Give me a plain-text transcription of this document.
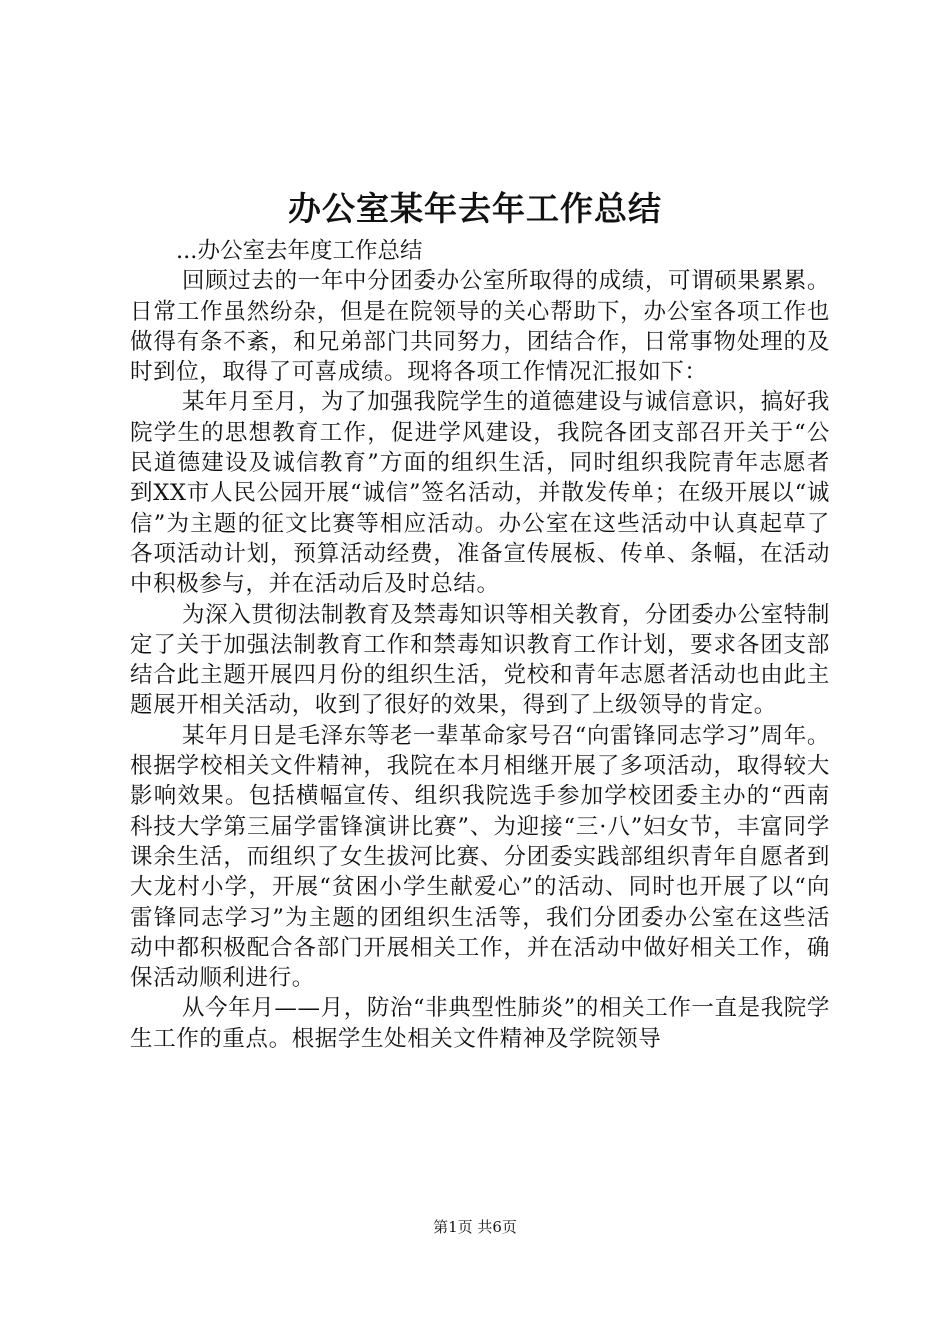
办公室某年去年工作总结

...办公室去年度工作总结

回顾过去的一年中分团委办公室所取得的成绩，可谓硕果累累。日常工作虽然纷杂，但是在院领导的关心帮助下，办公室各项工作也做得有条不紊，和兄弟部门共同努力，团结合作，日常事物处理的及时到位，取得了可喜成绩。现将各项工作情况汇报如下：

某年月至月，为了加强我院学生的道德建设与诚信意识，搞好我院学生的思想教育工作，促进学风建设，我院各团支部召开关于“公民道德建设及诚信教育”方面的组织生活，同时组织我院青年志愿者到XX市人民公园开展“诚信”签名活动，并散发传单；在级开展以“诚信”为主题的征文比赛等相应活动。办公室在这些活动中认真起草了各项活动计划，预算活动经费，准备宣传展板、传单、条幅，在活动中积极参与，并在活动后及时总结。

为深入贯彻法制教育及禁毒知识等相关教育，分团委办公室特制定了关于加强法制教育工作和禁毒知识教育工作计划，要求各团支部结合此主题开展四月份的组织生活，党校和青年志愿者活动也由此主题展开相关活动，收到了很好的效果，得到了上级领导的肯定。

某年月日是毛泽东等老一辈革命家号召“向雷锋同志学习”周年。根据学校相关文件精神，我院在本月相继开展了多项活动，取得较大影响效果。包括横幅宣传、组织我院选手参加学校团委主办的“西南科技大学第三届学雷锋演讲比赛”、为迎接“三·八”妇女节，丰富同学课余生活，而组织了女生拔河比赛、分团委实践部组织青年自愿者到大龙村小学，开展“贫困小学生献爱心”的活动、同时也开展了以“向雷锋同志学习”为主题的团组织生活等，我们分团委办公室在这些活动中都积极配合各部门开展相关工作，并在活动中做好相关工作，确保活动顺利进行。

从今年月——月，防治“非典型性肺炎”的相关工作一直是我院学生工作的重点。根据学生处相关文件精神及学院领导

第1页 共6页
